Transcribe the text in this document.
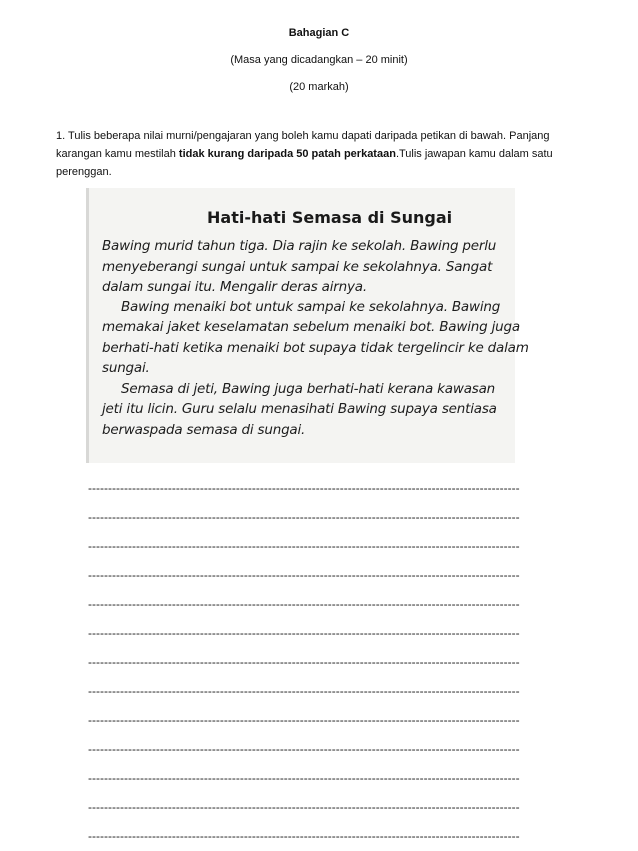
Bahagian C
(Masa yang dicadangkan – 20 minit)
(20 markah)
1. Tulis beberapa nilai murni/pengajaran yang boleh kamu dapati daripada petikan di bawah. Panjang karangan kamu mestilah tidak kurang daripada 50 patah perkataan.Tulis jawapan kamu dalam satu perenggan.
Hati-hati Semasa di Sungai
Bawing murid tahun tiga. Dia rajin ke sekolah. Bawing perlu
menyeberangi sungai untuk sampai ke sekolahnya. Sangat
dalam sungai itu. Mengalir deras airnya.
Bawing menaiki bot untuk sampai ke sekolahnya. Bawing
memakai jaket keselamatan sebelum menaiki bot. Bawing juga
berhati-hati ketika menaiki bot supaya tidak tergelincir ke dalam
sungai.
Semasa di jeti, Bawing juga berhati-hati kerana kawasan
jeti itu licin. Guru selalu menasihati Bawing supaya sentiasa
berwaspada semasa di sungai.
------------------------------------------------------------------------------------------------------------
------------------------------------------------------------------------------------------------------------
------------------------------------------------------------------------------------------------------------
------------------------------------------------------------------------------------------------------------
------------------------------------------------------------------------------------------------------------
------------------------------------------------------------------------------------------------------------
------------------------------------------------------------------------------------------------------------
------------------------------------------------------------------------------------------------------------
------------------------------------------------------------------------------------------------------------
------------------------------------------------------------------------------------------------------------
------------------------------------------------------------------------------------------------------------
------------------------------------------------------------------------------------------------------------
------------------------------------------------------------------------------------------------------------
